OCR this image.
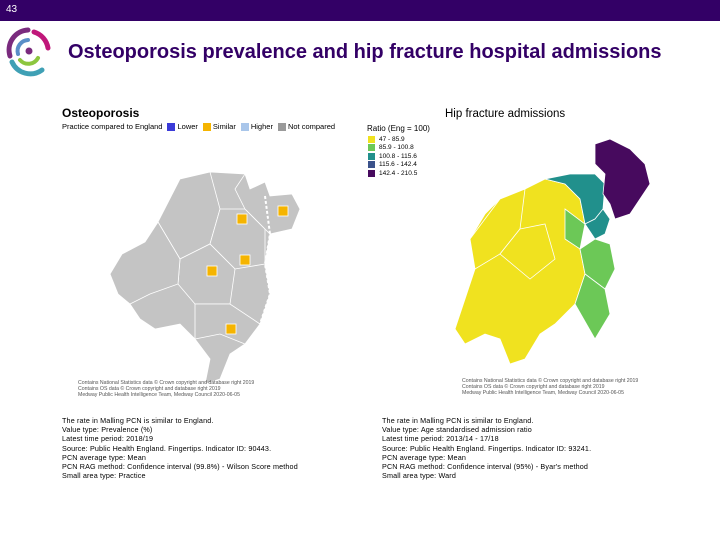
43
Osteoporosis prevalence and hip fracture hospital admissions
Osteoporosis
Practice compared to England Lower Similar Higher Not compared
Contains National Statistics data © Crown copyright and database right 2019
Contains OS data © Crown copyright and database right 2019
Medway Public Health Intelligence Team, Medway Council 2020-06-05
Hip fracture admissions
Ratio (Eng = 100)
47 - 85.9
85.9 - 100.8
100.8 - 115.6
115.6 - 142.4
142.4 - 210.5
Contains National Statistics data © Crown copyright and database right 2019
Contains OS data © Crown copyright and database right 2019
Medway Public Health Intelligence Team, Medway Council 2020-06-05
The rate in Malling PCN is similar to England.
Value type: Prevalence (%)
Latest time period: 2018/19
Source: Public Health England. Fingertips. Indicator ID: 90443.
PCN average type: Mean
PCN RAG method: Confidence interval (99.8%) - Wilson Score method
Small area type: Practice
The rate in Malling PCN is similar to England.
Value type: Age standardised admission ratio
Latest time period: 2013/14 - 17/18
Source: Public Health England. Fingertips. Indicator ID: 93241.
PCN average type: Mean
PCN RAG method: Confidence interval (95%) - Byar's method
Small area type: Ward
